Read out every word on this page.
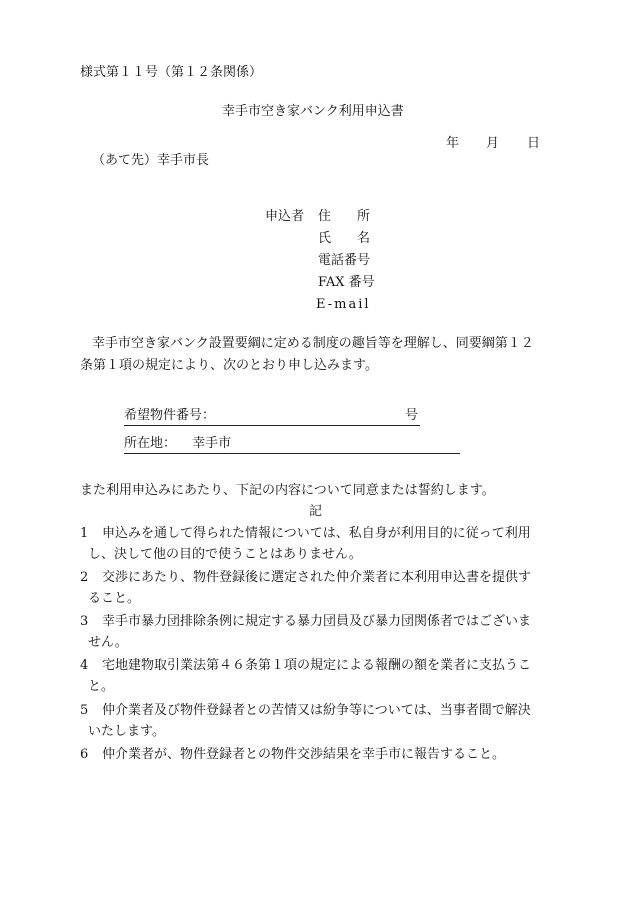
様式第１１号（第１２条関係）
幸手市空き家バンク利用申込書
年 月 日
（あて先）幸手市長
申込者 住　　所
氏　　名
電話番号
FAX 番号
E-mail
幸手市空き家バンク設置要綱に定める制度の趣旨等を理解し、同要綱第１２
条第１項の規定により、次のとおり申し込みます。
希望物件番号：	号
所在地： 幸手市
また利用申込みにあたり、下記の内容について同意または誓約します。
記
1 申込みを通して得られた情報については、私自身が利用目的に従って利用
し、決して他の目的で使うことはありません。
2 交渉にあたり、物件登録後に選定された仲介業者に本利用申込書を提供す
ること。
3 幸手市暴力団排除条例に規定する暴力団員及び暴力団関係者ではございま
せん。
4 宅地建物取引業法第４６条第１項の規定による報酬の額を業者に支払うこ
と。
5 仲介業者及び物件登録者との苦情又は紛争等については、当事者間で解決
いたします。
6 仲介業者が、物件登録者との物件交渉結果を幸手市に報告すること。
